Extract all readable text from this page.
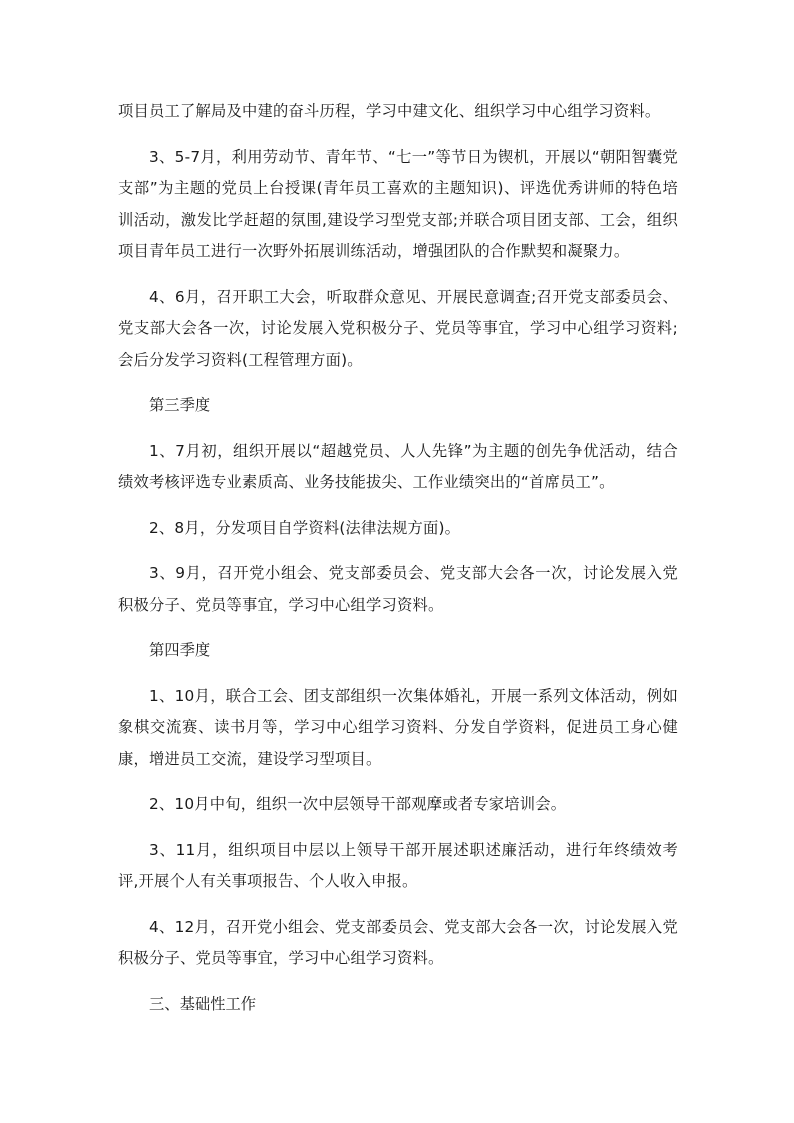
项目员工了解局及中建的奋斗历程，学习中建文化、组织学习中心组学习资料。

3、5-7月，利用劳动节、青年节、“七一”等节日为锲机，开展以“朝阳智囊党支部”为主题的党员上台授课(青年员工喜欢的主题知识)、评选优秀讲师的特色培训活动，激发比学赶超的氛围,建设学习型党支部;并联合项目团支部、工会，组织项目青年员工进行一次野外拓展训练活动，增强团队的合作默契和凝聚力。

4、6月，召开职工大会，听取群众意见、开展民意调查;召开党支部委员会、党支部大会各一次，讨论发展入党积极分子、党员等事宜，学习中心组学习资料;会后分发学习资料(工程管理方面)。

第三季度

1、7月初，组织开展以“超越党员、人人先锋”为主题的创先争优活动，结合绩效考核评选专业素质高、业务技能拔尖、工作业绩突出的“首席员工”。

2、8月，分发项目自学资料(法律法规方面)。

3、9月，召开党小组会、党支部委员会、党支部大会各一次，讨论发展入党积极分子、党员等事宜，学习中心组学习资料。

第四季度

1、10月，联合工会、团支部组织一次集体婚礼，开展一系列文体活动，例如象棋交流赛、读书月等，学习中心组学习资料、分发自学资料，促进员工身心健康，增进员工交流，建设学习型项目。

2、10月中旬，组织一次中层领导干部观摩或者专家培训会。

3、11月，组织项目中层以上领导干部开展述职述廉活动，进行年终绩效考评,开展个人有关事项报告、个人收入申报。

4、12月，召开党小组会、党支部委员会、党支部大会各一次，讨论发展入党积极分子、党员等事宜，学习中心组学习资料。

三、基础性工作
